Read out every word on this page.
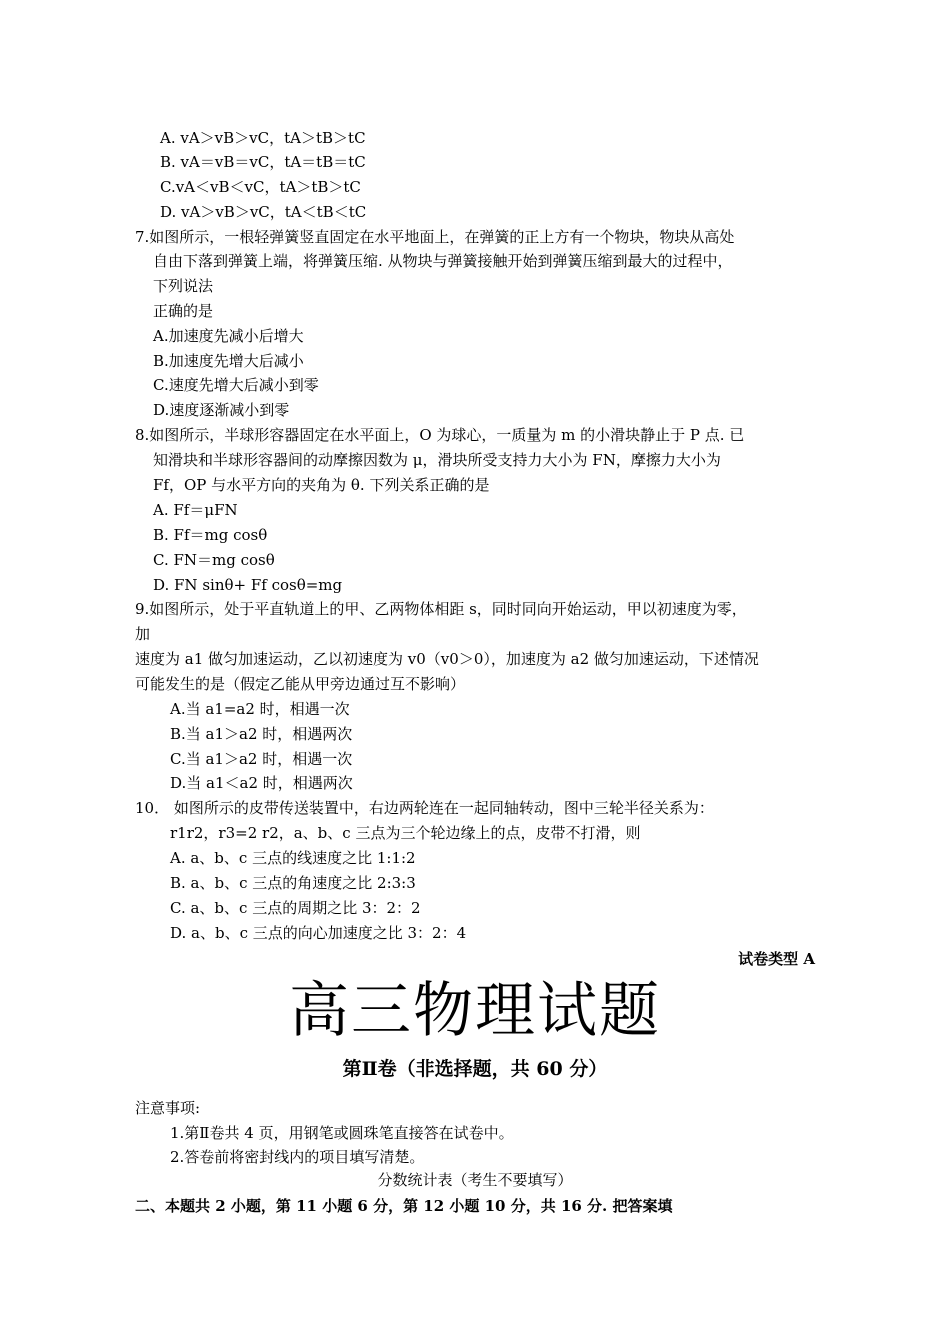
A. vA＞vB＞vC，tA＞tB＞tC
B. vA＝vB＝vC，tA＝tB＝tC
C.vA＜vB＜vC，tA＞tB＞tC
D. vA＞vB＞vC，tA＜tB＜tC
7.如图所示，一根轻弹簧竖直固定在水平地面上，在弹簧的正上方有一个物块，物块从高处
自由下落到弹簧上端，将弹簧压缩. 从物块与弹簧接触开始到弹簧压缩到最大的过程中，
下列说法
正确的是
A.加速度先减小后增大
B.加速度先增大后减小
C.速度先增大后减小到零
D.速度逐渐减小到零
8.如图所示，半球形容器固定在水平面上，O 为球心，一质量为 m 的小滑块静止于 P 点. 已
知滑块和半球形容器间的动摩擦因数为 μ，滑块所受支持力大小为 FN，摩擦力大小为
Ff，OP 与水平方向的夹角为 θ. 下列关系正确的是
A. Ff＝μFN
B. Ff＝mg cosθ
C. FN＝mg cosθ
D. FN sinθ+ Ff cosθ=mg
9.如图所示，处于平直轨道上的甲、乙两物体相距 s，同时同向开始运动，甲以初速度为零，
加
速度为 a1 做匀加速运动，乙以初速度为 v0（v0＞0），加速度为 a2 做匀加速运动，下述情况
可能发生的是（假定乙能从甲旁边通过互不影响）
A.当 a1=a2 时，相遇一次
B.当 a1＞a2 时，相遇两次
C.当 a1＞a2 时，相遇一次
D.当 a1＜a2 时，相遇两次
10． 如图所示的皮带传送装置中，右边两轮连在一起同轴转动，图中三轮半径关系为：
r1r2，r3=2 r2，a、b、c 三点为三个轮边缘上的点，皮带不打滑，则
A. a、b、c 三点的线速度之比 1:1:2
B. a、b、c 三点的角速度之比 2:3:3
C. a、b、c 三点的周期之比 3：2：2
D. a、b、c 三点的向心加速度之比 3：2：4
试卷类型 A
高三物理试题
第Ⅱ卷（非选择题，共 60 分）
注意事项:
1.第Ⅱ卷共 4 页，用钢笔或圆珠笔直接答在试卷中。
2.答卷前将密封线内的项目填写清楚。
分数统计表（考生不要填写）
二、本题共 2 小题，第 11 小题 6 分，第 12 小题 10 分，共 16 分. 把答案填
